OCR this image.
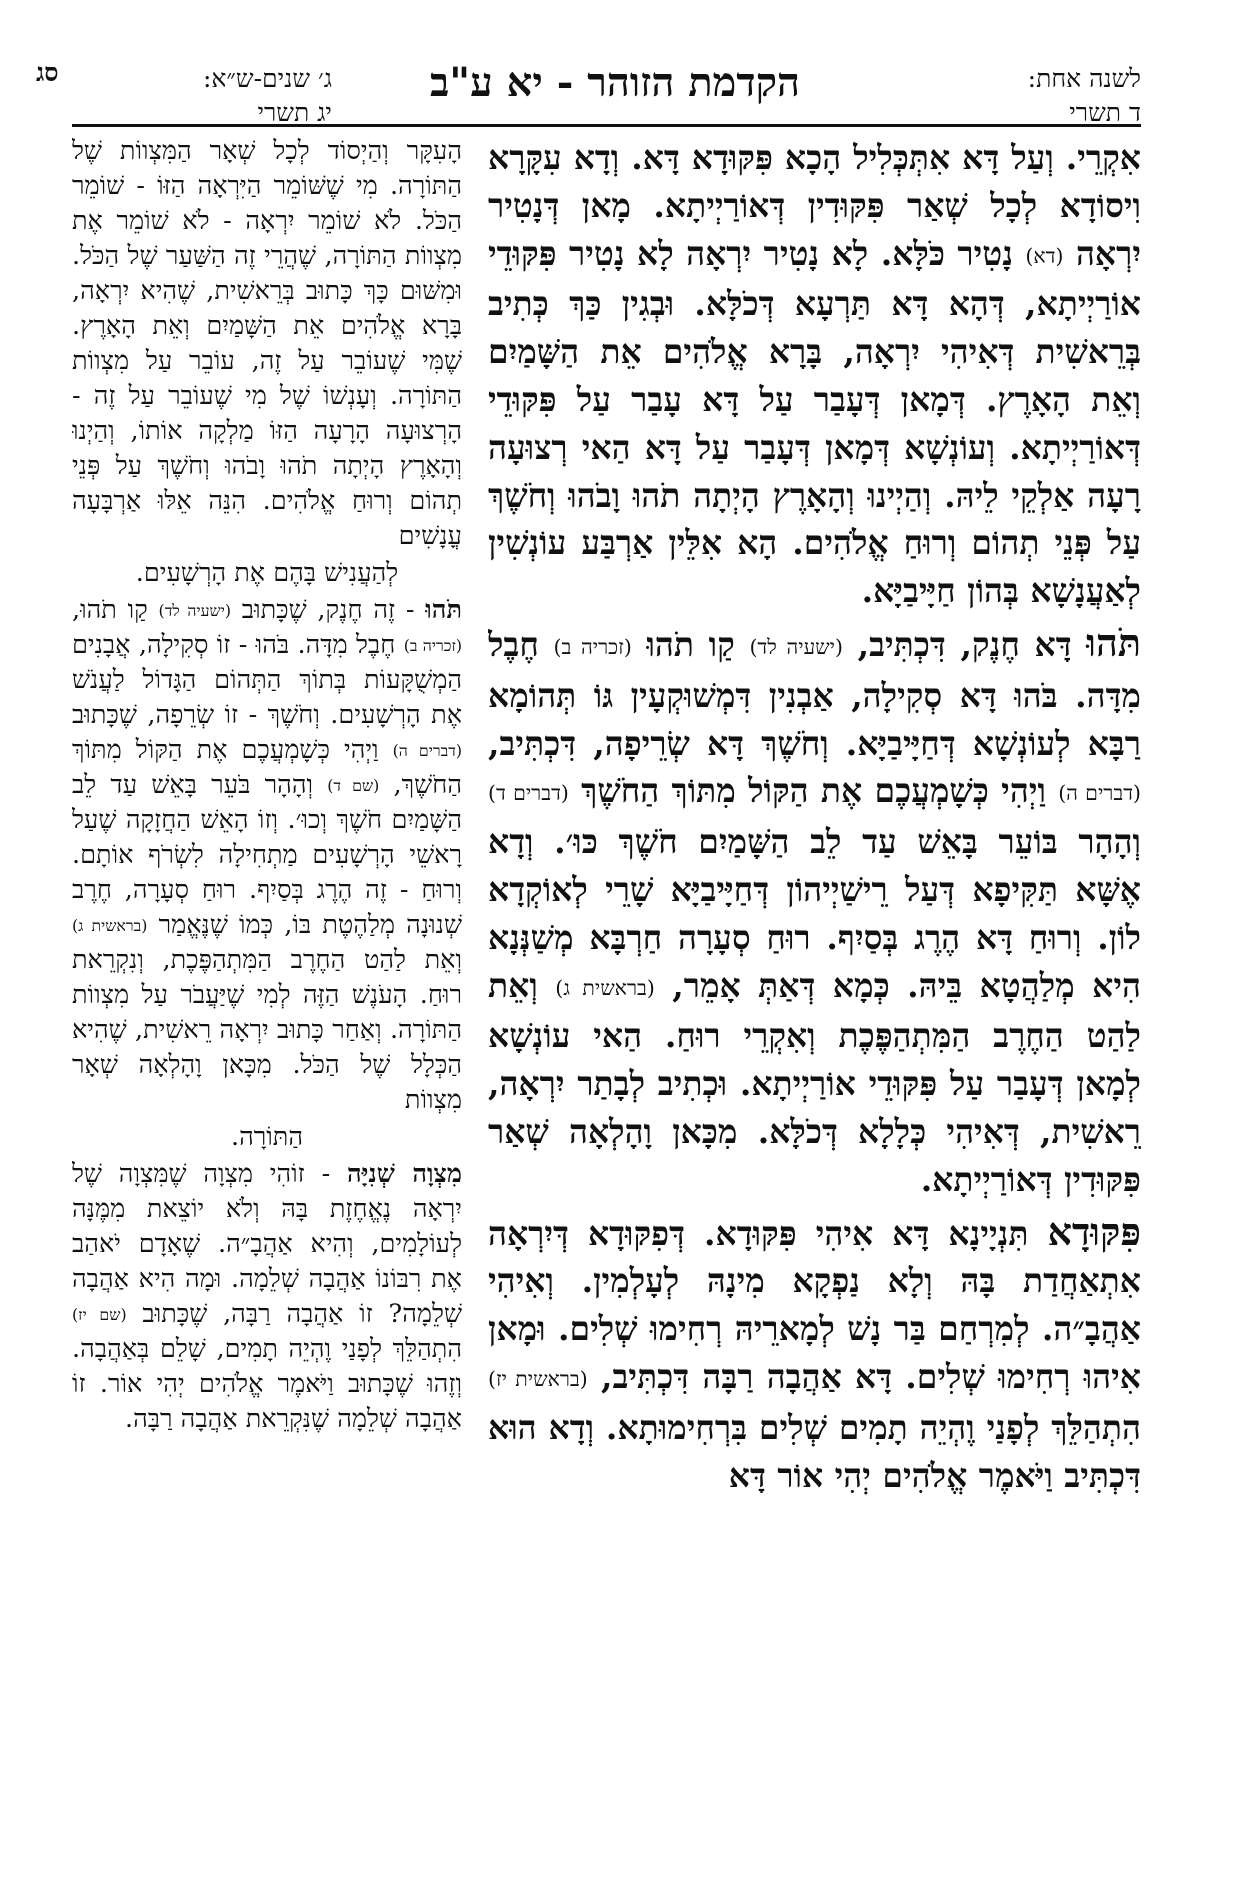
סג	ג׳ שנים-ש״א:
יג תשרי
הקדמת הזוהר - יא ע"ב	לשנה אחת:
ד תשרי

אִקְרֵי. וְעַל דָּא אִתְּכְּלִיל הָכָא פִּקּוּדָא דָּא. וְדָא עִקָּרָא וִיסוֹדָא לְכָל שְׁאַר פִּקּוּדִין דְּאוֹרַיְיתָא. מָאן דְּנָטִיר יִרְאָה (דא) נָטִיר כֹּלָּא. לָא נָטִיר יִרְאָה לָא נָטִיר פִּקּוּדֵי אוֹרַיְיתָא, דְּהָא דָּא תַּרְעָא דְּכֹלָּא. וּבְגִין כַּךְ כְּתִיב בְּרֵאשִׁית דְּאִיהִי יִרְאָה, בָּרָא אֱלֹהִים אֵת הַשָּׁמַיִם וְאֵת הָאָרֶץ. דְּמָאן דְּעָבַר עַל דָּא עָבַר עַל פִּקּוּדֵי דְּאוֹרַיְיתָא. וְעוֹנְשָׁא דְּמָאן דְּעָבַר עַל דָּא הַאי רְצוּעָה רָעָה אַלְקֵי לֵיהּ. וְהַיְינוּ וְהָאָרֶץ הָיְתָה תֹהוּ וָבֹהוּ וְחֹשֶׁךְ עַל פְּנֵי תְהוֹם וְרוּחַ אֱלֹהִים. הָא אִלֵּין אַרְבַּע עוֹנְשִׁין לְאַעֲנָשָׁא בְּהוֹן חַיָּיבַיָּא.

תֹּהוּ דָּא חֶנֶק, דִּכְתִּיב, (ישעיה לד) קַו תֹהוּ (זכריה ב) חֶבֶל מִדָּה. בֹּהוּ דָּא סְקִילָה, אַבְנִין דִּמְשׁוּקְעָין גּוֹ תְּהוֹמָא רַבָּא לְעוֹנְשָׁא דְּחַיָּיבַיָּא. וְחֹשֶׁךְ דָּא שְׂרֵיפָה, דִּכְתִּיב, (דברים ה) וַיְהִי כְּשָׁמְעֲכֶם אֶת הַקּוֹל מִתּוֹךְ הַחֹשֶׁךְ (דברים ד) וְהָהָר בּוֹעֵר בָּאֵשׁ עַד לֵב הַשָּׁמַיִם חֹשֶׁךְ כּוּ׳. וְדָא אֶשָּׁא תַּקִּיפָא דְּעַל רֵישַׁיְיהוֹן דְּחַיָּיבַיָּא שָׁרֵי לְאוֹקְדָא לוֹן. וְרוּחַ דָּא הֶרֶג בְּסַיִף. רוּחַ סְעָרָה חַרְבָּא מְשַׁנְּנָא הִיא מְלַהֲטָא בֵּיהּ. כְּמָא דְּאַתְּ אָמֵר, (בראשית ג) וְאֵת לַהַט הַחֶרֶב הַמִּתְהַפֶּכֶת וְאִקְרֵי רוּחַ. הַאי עוֹנְשָׁא לְמָאן דְּעָבַר עַל פִּקּוּדֵי אוֹרַיְיתָא. וּכְתִיב לְבָתַר יִרְאָה, רֵאשִׁית, דְּאִיהִי כְּלָלָא דְּכֹלָּא. מִכָּאן וָהָלְאָה שְׁאַר פִּקּוּדִין דְּאוֹרַיְיתָא.

פִּקּוּדָא תִּנְיָינָא דָּא אִיהִי פִּקּוּדָא. דְּפִקּוּדָא דְּיִרְאָה אִתְאַחֲדַת בָּהּ וְלָא נַפְקָא מִינָהּ לְעָלְמִין. וְאִיהִי אַהֲבָ״ה. לְמִרְחַם בַּר נָשׁ לְמָארֵיהּ רְחִימוּ שְׁלִים. וּמָאן אִיהוּ רְחִימוּ שְׁלִים. דָּא אַהֲבָה רַבָּה דִּכְתִּיב, (בראשית יז) הִתְהַלֵּךְ לְפָנַי וֶהְיֵה תָמִים שְׁלִים בִּרְחִימוּתָא. וְדָא הוּא דִּכְתִּיב וַיֹּאמֶר אֱלֹהִים יְהִי אוֹר דָּא

הָעִקָּר וְהַיְסוֹד לְכָל שְׁאָר הַמִּצְווֹת שֶׁל הַתּוֹרָה. מִי שֶׁשּׁוֹמֵר הַיִּרְאָה הַזּוֹ - שׁוֹמֵר הַכֹּל. לֹא שׁוֹמֵר יִרְאָה - לֹא שׁוֹמֵר אֶת מִצְווֹת הַתּוֹרָה, שֶׁהֲרֵי זֶה הַשַּׁעַר שֶׁל הַכֹּל. וּמִשּׁוּם כָּךְ כָּתוּב בְּרֵאשִׁית, שֶׁהִיא יִרְאָה, בָּרָא אֱלֹהִים אֵת הַשָּׁמַיִם וְאֵת הָאָרֶץ. שֶׁמִּי שֶׁעוֹבֵר עַל זֶה, עוֹבֵר עַל מִצְווֹת הַתּוֹרָה. וְעָנְשׁוֹ שֶׁל מִי שֶׁעוֹבֵר עַל זֶה - הָרְצוּעָה הָרָעָה הַזּוֹ מַלְקָה אוֹתוֹ, וְהַיְנוּ וְהָאָרֶץ הָיְתָה תֹהוּ וָבֹהוּ וְחֹשֶׁךְ עַל פְּנֵי תְהוֹם וְרוּחַ אֱלֹהִים. הִנֵּה אֵלּוּ אַרְבָּעָה עֳנָשִׁים

לְהַעֲנִישׁ בָּהֶם אֶת הָרְשָׁעִים.

תֹּהוּ - זֶה חֶנֶק, שֶׁכָּתוּב (ישעיה לד) קַו תֹהוּ, (זכריה ב) חֶבֶל מִדָּה. בֹּהוּ - זוֹ סְקִילָה, אֲבָנִים הַמְשֻׁקָּעוֹת בְּתוֹךְ הַתְּהוֹם הַגָּדוֹל לַעֲנֹשׁ אֶת הָרְשָׁעִים. וְחֹשֶׁךְ - זוֹ שְׂרֵפָה, שֶׁכָּתוּב (דברים ה) וַיְהִי כְּשָׁמְעֲכֶם אֶת הַקּוֹל מִתּוֹךְ הַחֹשֶׁךְ, (שם ד) וְהָהָר בֹּעֵר בָּאֵשׁ עַד לֵב הַשָּׁמַיִם חֹשֶׁךְ וְכוּ׳. וְזוֹ הָאֵשׁ הַחֲזָקָה שֶׁעַל רָאשֵׁי הָרְשָׁעִים מַתְחִילָה לִשְׂרֹף אוֹתָם. וְרוּחַ - זֶה הֶרֶג בְּסַיִף. רוּחַ סְעָרָה, חֶרֶב שְׁנוּנָה מְלַהֶטֶת בּוֹ, כְּמוֹ שֶׁנֶּאֱמַר (בראשית ג) וְאֵת לַהַט הַחֶרֶב הַמִּתְהַפֶּכֶת, וְנִקְרֵאת רוּחַ. הָעֹנֶשׁ הַזֶּה לְמִי שֶׁיַּעֲבֹר עַל מִצְווֹת הַתּוֹרָה. וְאַחַר כָּתוּב יִרְאָה רֵאשִׁית, שֶׁהִיא הַכְּלָל שֶׁל הַכֹּל. מִכָּאן וָהָלְאָה שְׁאָר מִצְווֹת

הַתּוֹרָה.

מִצְוָה שְׁנִיָּה - זוֹהִי מִצְוָה שֶׁמִּצְוָה שֶׁל יִרְאָה נֶאֱחֶזֶת בָּהּ וְלֹא יוֹצֵאת מִמֶּנָּה לְעוֹלָמִים, וְהִיא אַהֲבָ״ה. שֶׁאָדָם יֹאהַב אֶת רִבּוֹנוֹ אַהֲבָה שְׁלֵמָה. וּמָה הִיא אַהֲבָה שְׁלֵמָה? זוֹ אַהֲבָה רַבָּה, שֶׁכָּתוּב (שם יז) הִתְהַלֵּךְ לְפָנַי וֶהְיֵה תָמִים, שָׁלֵם בְּאַהֲבָה. וְזֶהוּ שֶׁכָּתוּב וַיֹּאמֶר אֱלֹהִים יְהִי אוֹר. זוֹ אַהֲבָה שְׁלֵמָה שֶׁנִּקְרֵאת אַהֲבָה רַבָּה.
